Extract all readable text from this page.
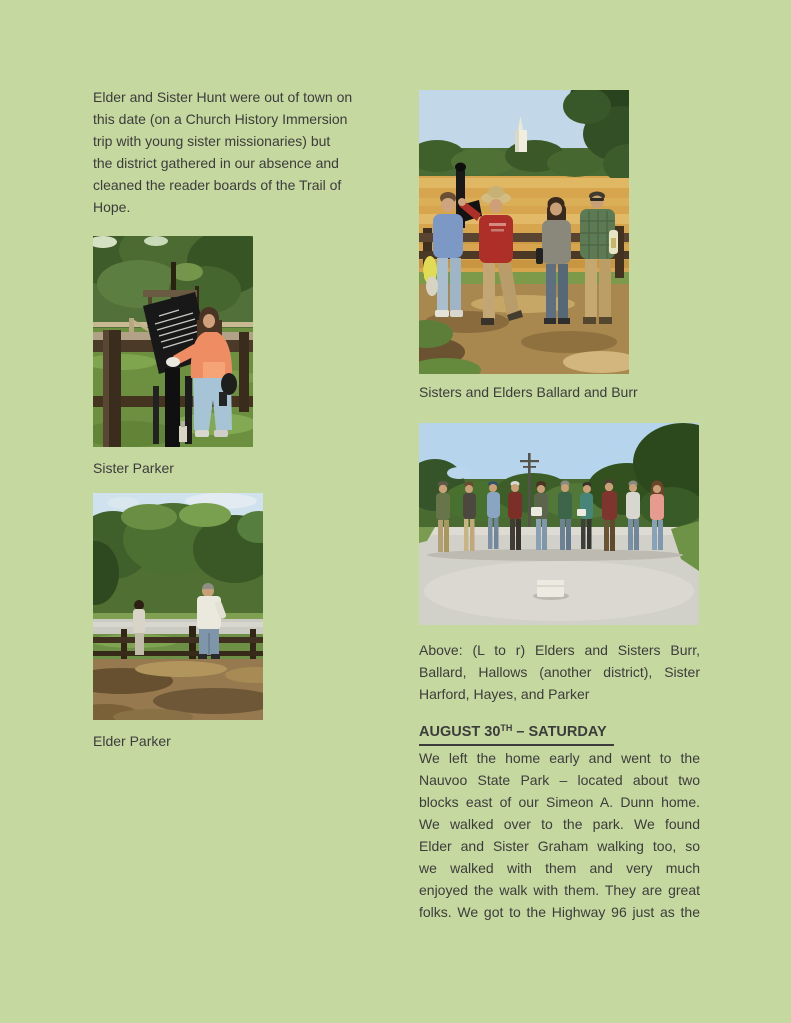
Elder and Sister Hunt were out of town on
this date (on a Church History Immersion
trip with young sister missionaries) but
the district gathered in our absence and
cleaned the reader boards of the Trail of
Hope.
Sister Parker
Elder Parker
Sisters and Elders Ballard and Burr
Above: (L to r) Elders and Sisters Burr,
Ballard, Hallows (another district), Sister
Harford, Hayes, and Parker
AUGUST 30TH – SATURDAY
We left the home early and went to the
Nauvoo State Park – located about two
blocks east of our Simeon A. Dunn home.
We walked over to the park. We found
Elder and Sister Graham walking too, so
we walked with them and very much
enjoyed the walk with them. They are great
folks. We got to the Highway 96 just as the
